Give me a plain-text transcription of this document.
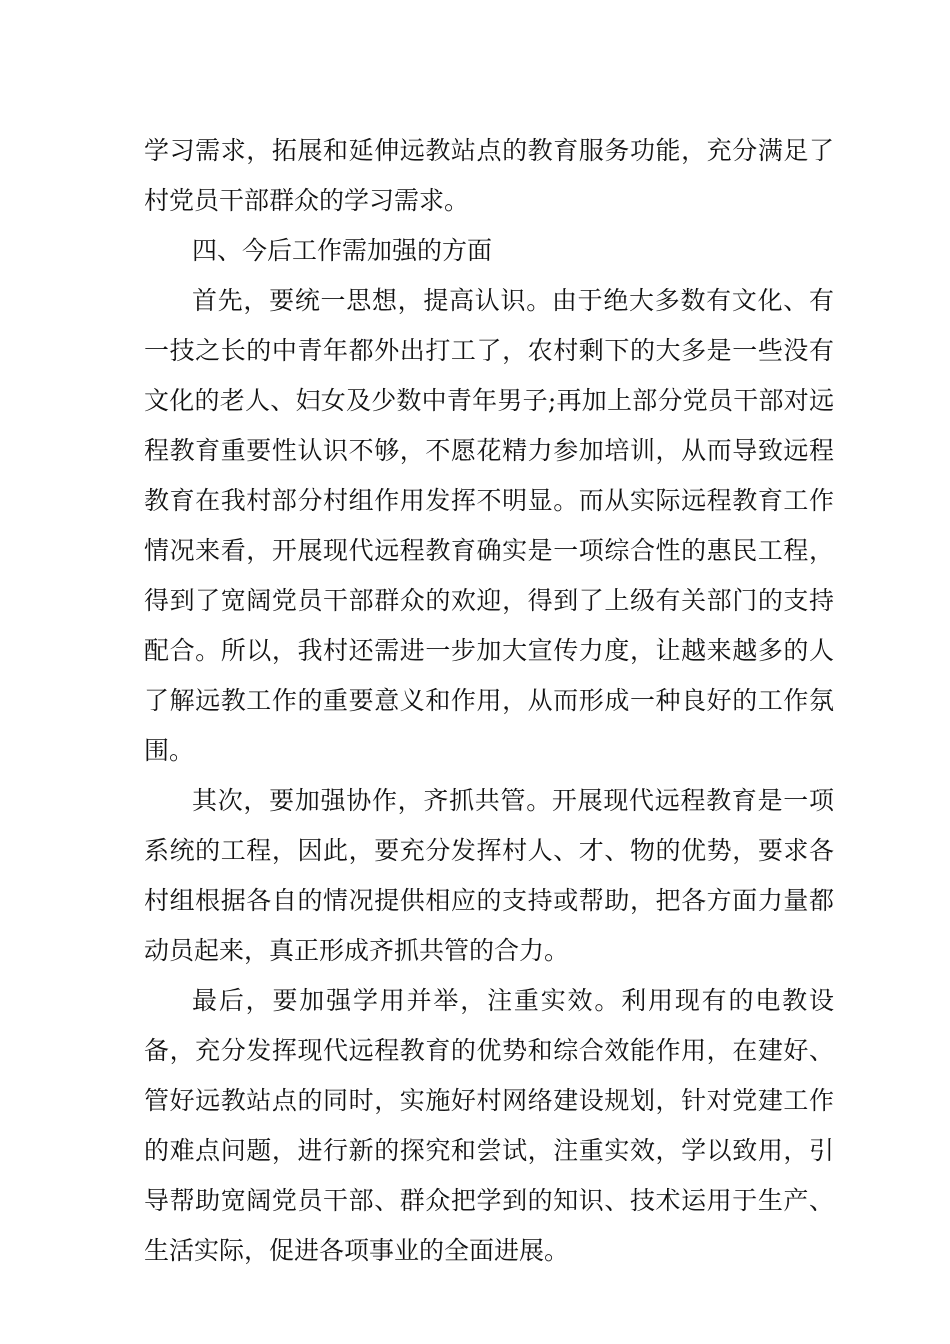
学习需求，拓展和延伸远教站点的教育服务功能，充分满足了村党员干部群众的学习需求。

四、今后工作需加强的方面

首先，要统一思想，提高认识。由于绝大多数有文化、有一技之长的中青年都外出打工了，农村剩下的大多是一些没有文化的老人、妇女及少数中青年男子;再加上部分党员干部对远程教育重要性认识不够，不愿花精力参加培训，从而导致远程教育在我村部分村组作用发挥不明显。而从实际远程教育工作情况来看，开展现代远程教育确实是一项综合性的惠民工程，得到了宽阔党员干部群众的欢迎，得到了上级有关部门的支持配合。所以，我村还需进一步加大宣传力度，让越来越多的人了解远教工作的重要意义和作用，从而形成一种良好的工作氛围。

其次，要加强协作，齐抓共管。开展现代远程教育是一项系统的工程，因此，要充分发挥村人、才、物的优势，要求各村组根据各自的情况提供相应的支持或帮助，把各方面力量都动员起来，真正形成齐抓共管的合力。

最后，要加强学用并举，注重实效。利用现有的电教设备，充分发挥现代远程教育的优势和综合效能作用，在建好、管好远教站点的同时，实施好村网络建设规划，针对党建工作的难点问题，进行新的探究和尝试，注重实效，学以致用，引导帮助宽阔党员干部、群众把学到的知识、技术运用于生产、生活实际，促进各项事业的全面进展。
